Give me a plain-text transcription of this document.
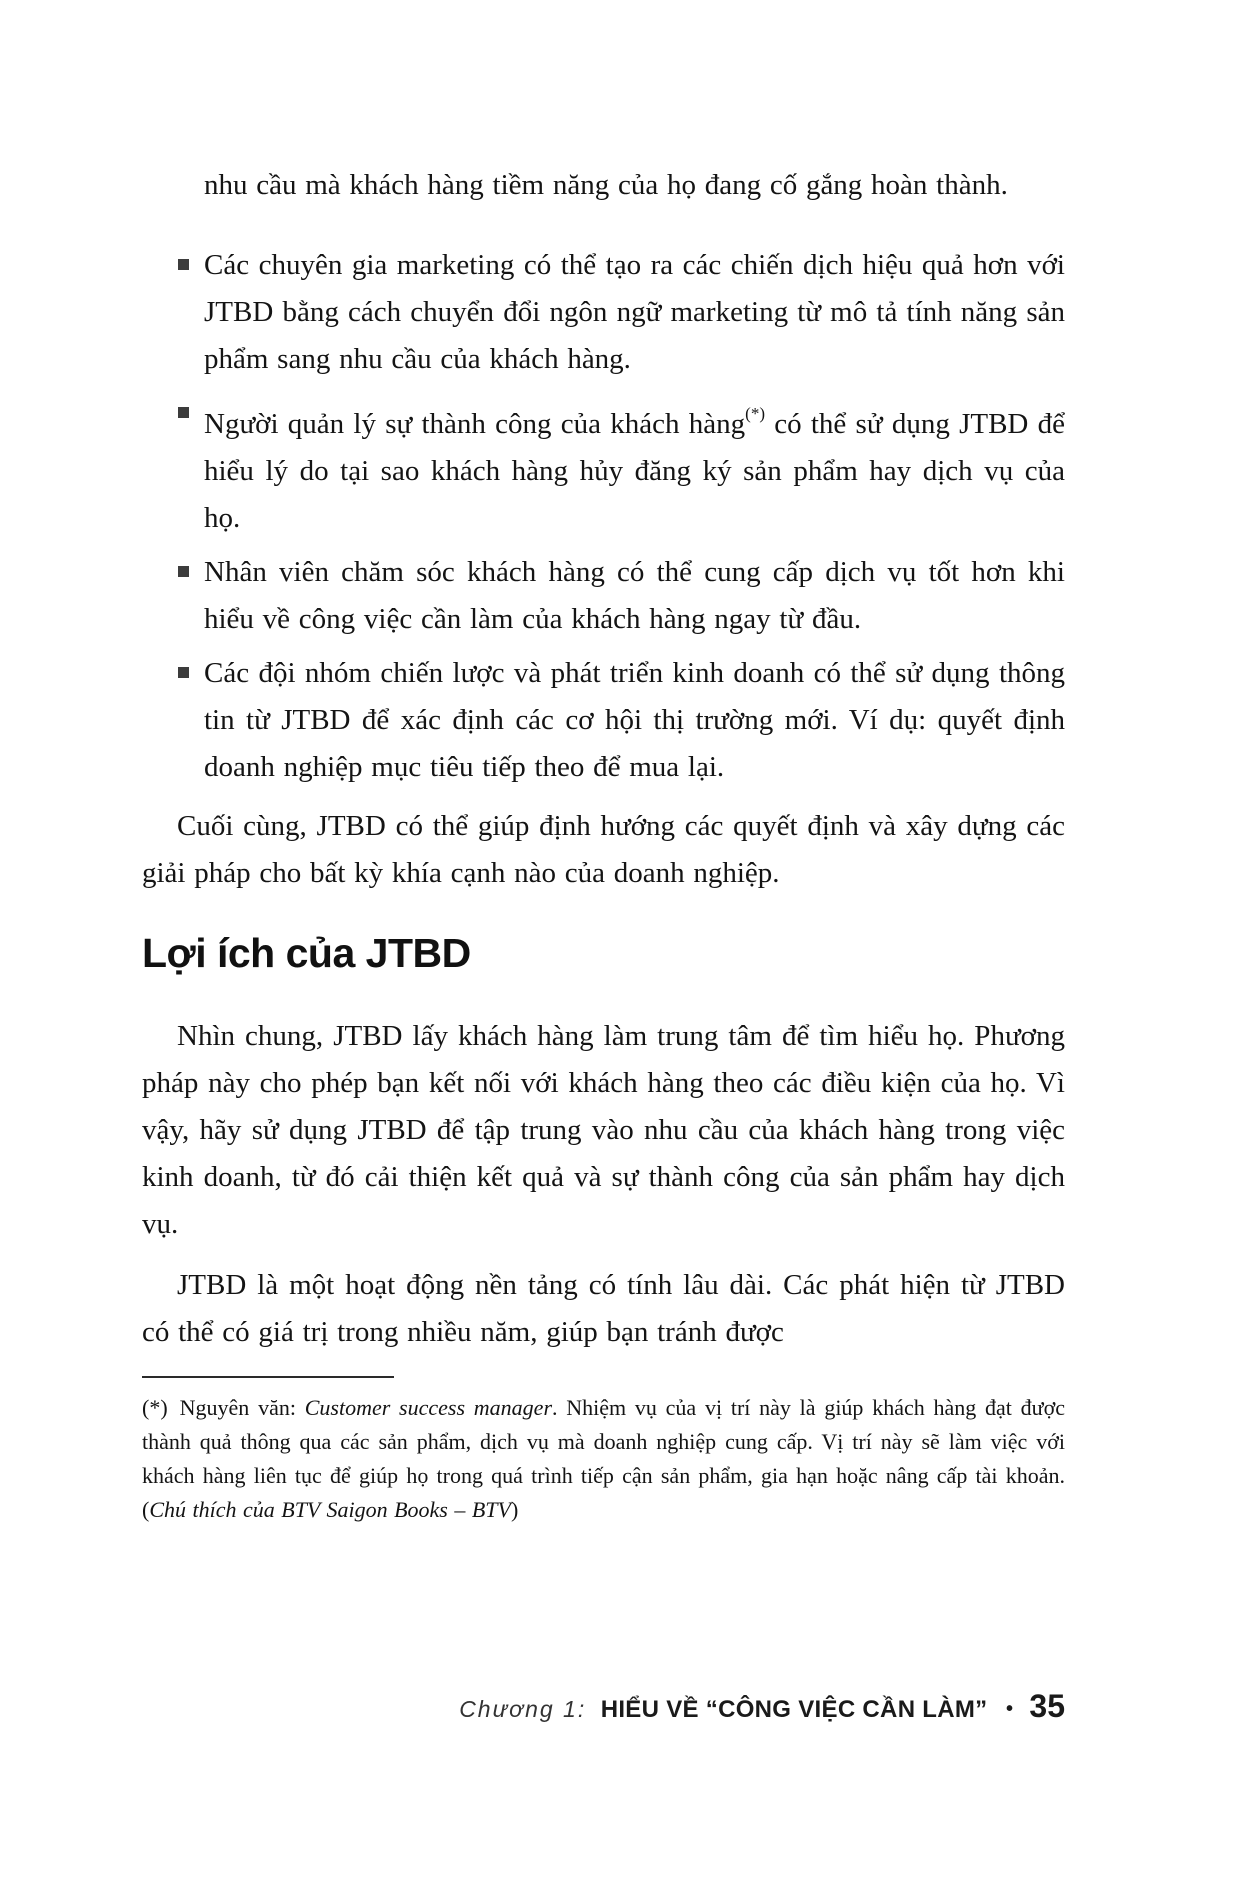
nhu cầu mà khách hàng tiềm năng của họ đang cố gắng hoàn thành.

Các chuyên gia marketing có thể tạo ra các chiến dịch hiệu quả hơn với JTBD bằng cách chuyển đổi ngôn ngữ marketing từ mô tả tính năng sản phẩm sang nhu cầu của khách hàng.

Người quản lý sự thành công của khách hàng(*) có thể sử dụng JTBD để hiểu lý do tại sao khách hàng hủy đăng ký sản phẩm hay dịch vụ của họ.

Nhân viên chăm sóc khách hàng có thể cung cấp dịch vụ tốt hơn khi hiểu về công việc cần làm của khách hàng ngay từ đầu.

Các đội nhóm chiến lược và phát triển kinh doanh có thể sử dụng thông tin từ JTBD để xác định các cơ hội thị trường mới. Ví dụ: quyết định doanh nghiệp mục tiêu tiếp theo để mua lại.

Cuối cùng, JTBD có thể giúp định hướng các quyết định và xây dựng các giải pháp cho bất kỳ khía cạnh nào của doanh nghiệp.

Lợi ích của JTBD

Nhìn chung, JTBD lấy khách hàng làm trung tâm để tìm hiểu họ. Phương pháp này cho phép bạn kết nối với khách hàng theo các điều kiện của họ. Vì vậy, hãy sử dụng JTBD để tập trung vào nhu cầu của khách hàng trong việc kinh doanh, từ đó cải thiện kết quả và sự thành công của sản phẩm hay dịch vụ.

JTBD là một hoạt động nền tảng có tính lâu dài. Các phát hiện từ JTBD có thể có giá trị trong nhiều năm, giúp bạn tránh được

(*) Nguyên văn: Customer success manager. Nhiệm vụ của vị trí này là giúp khách hàng đạt được thành quả thông qua các sản phẩm, dịch vụ mà doanh nghiệp cung cấp. Vị trí này sẽ làm việc với khách hàng liên tục để giúp họ trong quá trình tiếp cận sản phẩm, gia hạn hoặc nâng cấp tài khoản. (Chú thích của BTV Saigon Books – BTV)

Chương 1: HIỂU VỀ “CÔNG VIỆC CẦN LÀM” • 35
